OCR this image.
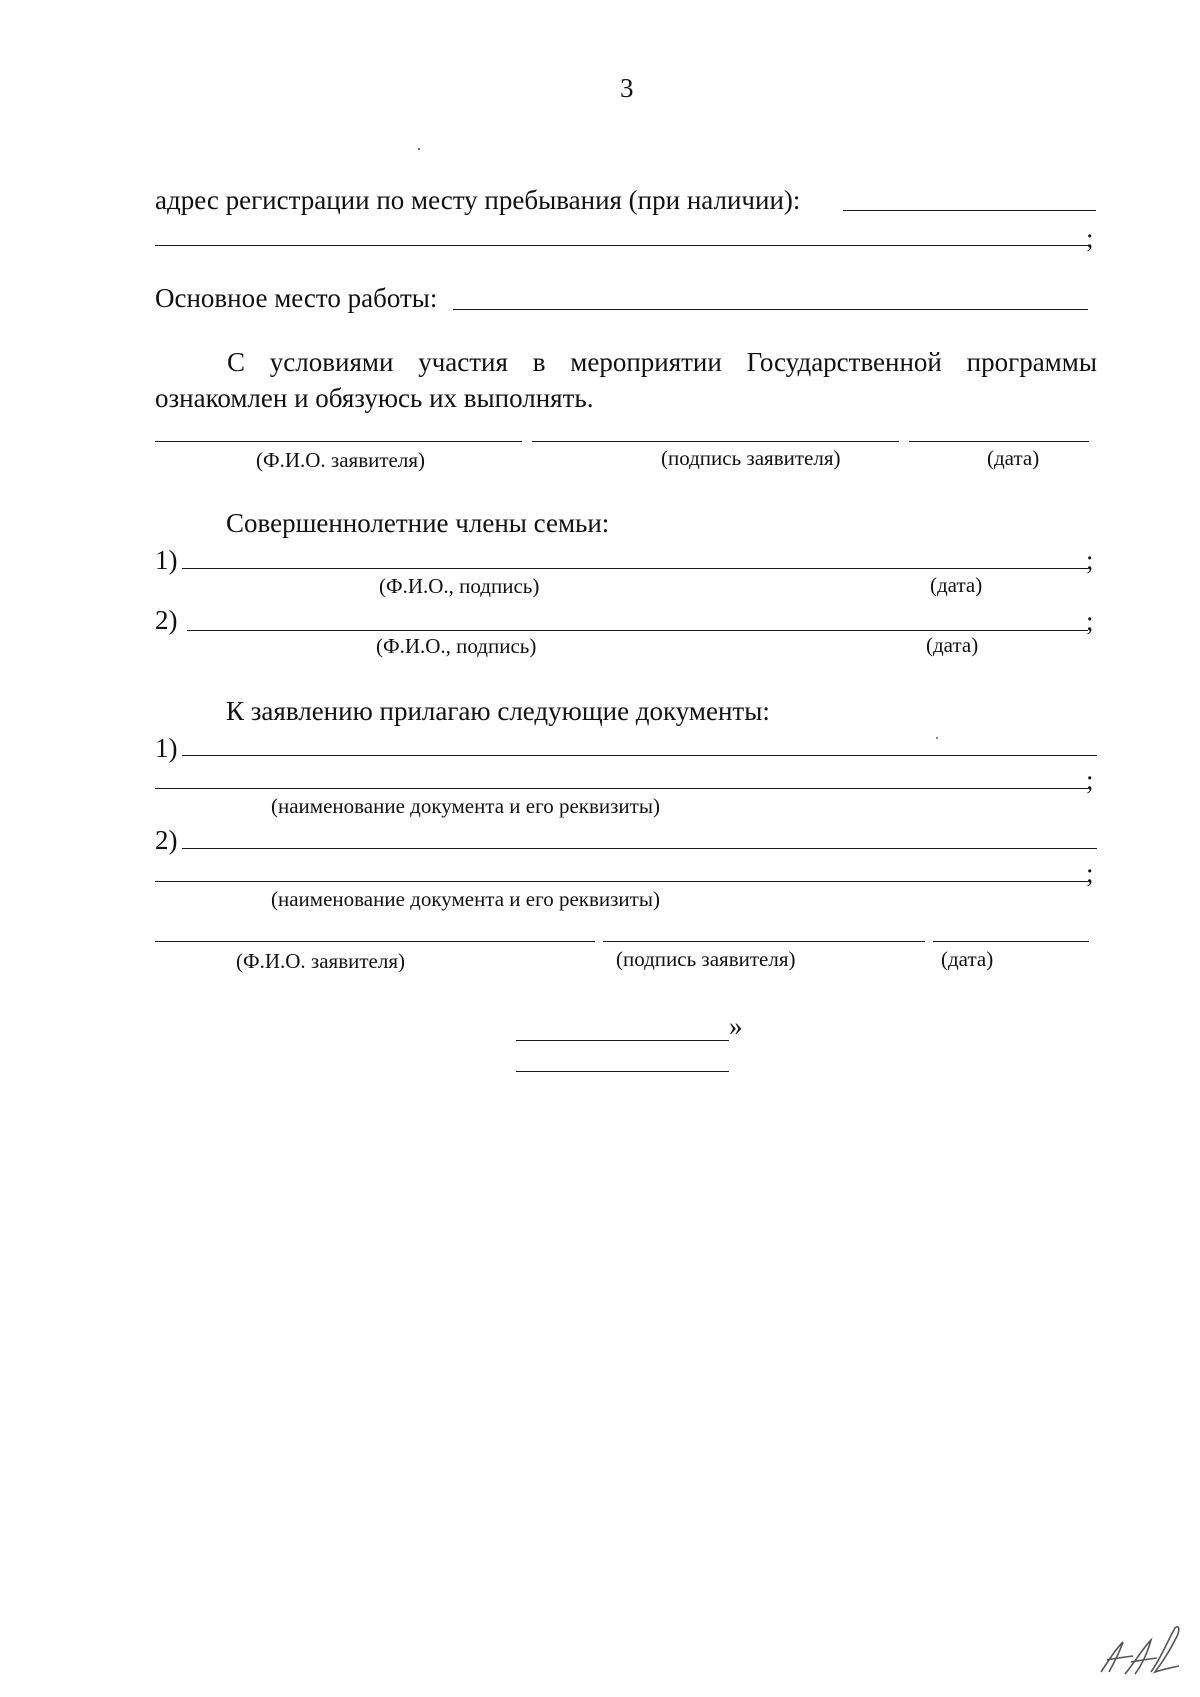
3
адрес регистрации по месту пребывания (при наличии):
;
Основное место работы:
С условиями участия в мероприятии Государственной программы ознакомлен и обязуюсь их выполнять.
(Ф.И.О. заявителя)	(подпись заявителя)	(дата)
Совершеннолетние члены семьи:
1)	;
(Ф.И.О., подпись)	(дата)
2)	;
(Ф.И.О., подпись)	(дата)
К заявлению прилагаю следующие документы:
1)
;
(наименование документа и его реквизиты)
2)
;
(наименование документа и его реквизиты)
(Ф.И.О. заявителя)	(подпись заявителя)	(дата)
»
